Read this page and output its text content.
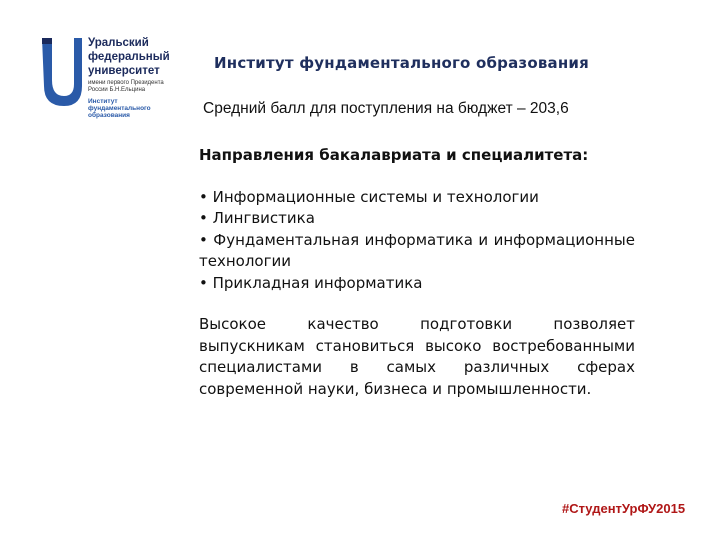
Уральский
федеральный
университет
имени первого Президента
России Б.Н.Ельцина
Институт
фундаментального
образования
Институт фундаментального образования
Средний балл для поступления на бюджет – 203,6

Направления бакалавриата и специалитета:

• Информационные системы и технологии
• Лингвистика
• Фундаментальная информатика и информационные технологии
• Прикладная информатика

Высокое качество подготовки позволяет выпускникам становиться высоко востребованными специалистами в самых различных сферах современной науки, бизнеса и промышленности.

#СтудентУрФУ2015
